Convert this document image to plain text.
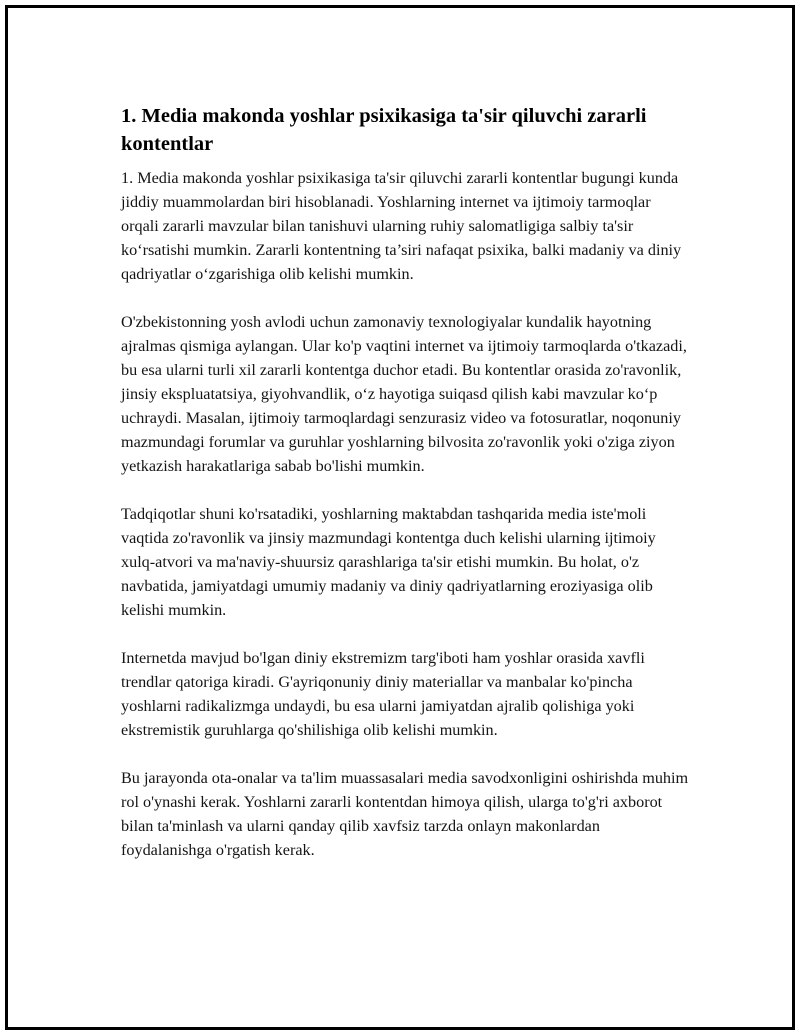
1. Media makonda yoshlar psixikasiga ta'sir qiluvchi zararli kontentlar

1. Media makonda yoshlar psixikasiga ta'sir qiluvchi zararli kontentlar bugungi kunda jiddiy muammolardan biri hisoblanadi. Yoshlarning internet va ijtimoiy tarmoqlar orqali zararli mavzular bilan tanishuvi ularning ruhiy salomatligiga salbiy ta'sir ko‘rsatishi mumkin. Zararli kontentning ta’siri nafaqat psixika, balki madaniy va diniy qadriyatlar o‘zgarishiga olib kelishi mumkin.

O'zbekistonning yosh avlodi uchun zamonaviy texnologiyalar kundalik hayotning ajralmas qismiga aylangan. Ular ko'p vaqtini internet va ijtimoiy tarmoqlarda o'tkazadi, bu esa ularni turli xil zararli kontentga duchor etadi. Bu kontentlar orasida zo'ravonlik, jinsiy ekspluatatsiya, giyohvandlik, o‘z hayotiga suiqasd qilish kabi mavzular ko‘p uchraydi. Masalan, ijtimoiy tarmoqlardagi senzurasiz video va fotosuratlar, noqonuniy mazmundagi forumlar va guruhlar yoshlarning bilvosita zo'ravonlik yoki o'ziga ziyon yetkazish harakatlariga sabab bo'lishi mumkin.

Tadqiqotlar shuni ko'rsatadiki, yoshlarning maktabdan tashqarida media iste'moli vaqtida zo'ravonlik va jinsiy mazmundagi kontentga duch kelishi ularning ijtimoiy xulq-atvori va ma'naviy-shuursiz qarashlariga ta'sir etishi mumkin. Bu holat, o'z navbatida, jamiyatdagi umumiy madaniy va diniy qadriyatlarning eroziyasiga olib kelishi mumkin.

Internetda mavjud bo'lgan diniy ekstremizm targ'iboti ham yoshlar orasida xavfli trendlar qatoriga kiradi. G'ayriqonuniy diniy materiallar va manbalar ko'pincha yoshlarni radikalizmga undaydi, bu esa ularni jamiyatdan ajralib qolishiga yoki ekstremistik guruhlarga qo'shilishiga olib kelishi mumkin.

Bu jarayonda ota-onalar va ta'lim muassasalari media savodxonligini oshirishda muhim rol o'ynashi kerak. Yoshlarni zararli kontentdan himoya qilish, ularga to'g'ri axborot bilan ta'minlash va ularni qanday qilib xavfsiz tarzda onlayn makonlardan foydalanishga o'rgatish kerak.
